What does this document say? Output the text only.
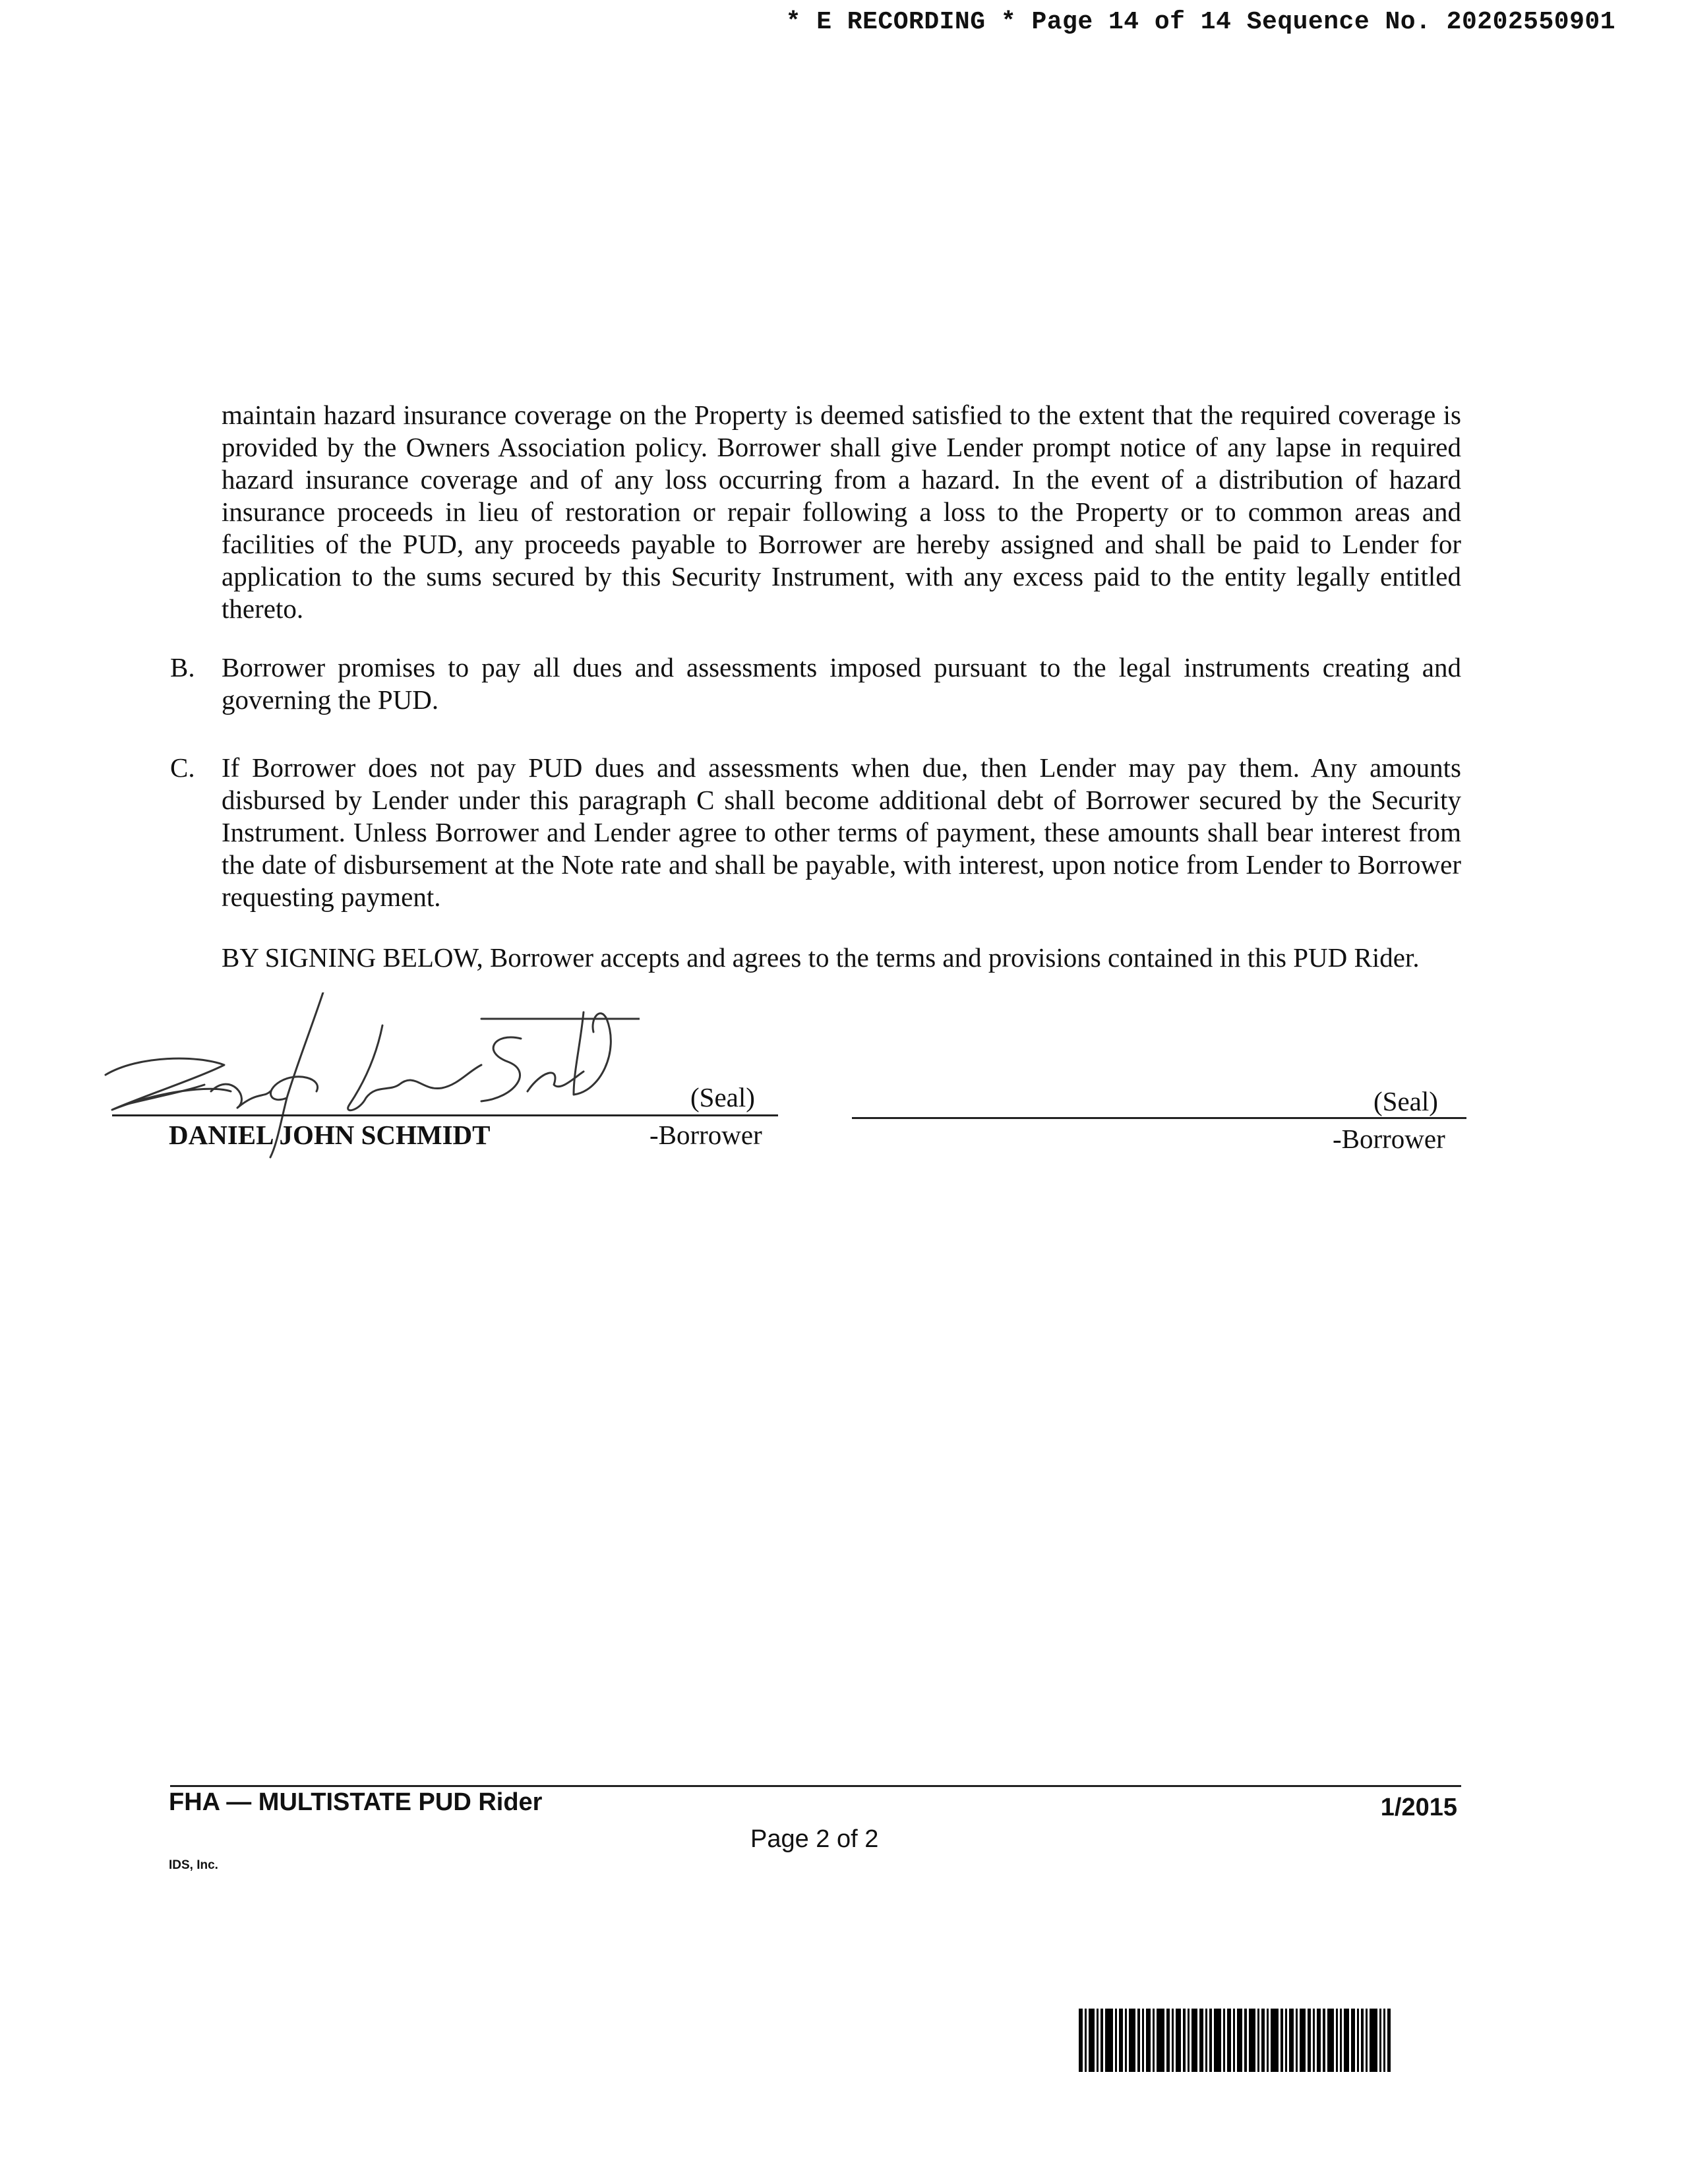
* E RECORDING * Page 14 of 14 Sequence No. 20202550901
maintain hazard insurance coverage on the Property is deemed satisfied to the extent that the required coverage is provided by the Owners Association policy. Borrower shall give Lender prompt notice of any lapse in required hazard insurance coverage and of any loss occurring from a hazard. In the event of a distribution of hazard insurance proceeds in lieu of restoration or repair following a loss to the Property or to common areas and facilities of the PUD, any proceeds payable to Borrower are hereby assigned and shall be paid to Lender for application to the sums secured by this Security Instrument, with any excess paid to the entity legally entitled thereto.
B. Borrower promises to pay all dues and assessments imposed pursuant to the legal instruments creating and governing the PUD.
C. If Borrower does not pay PUD dues and assessments when due, then Lender may pay them. Any amounts disbursed by Lender under this paragraph C shall become additional debt of Borrower secured by the Security Instrument. Unless Borrower and Lender agree to other terms of payment, these amounts shall bear interest from the date of disbursement at the Note rate and shall be payable, with interest, upon notice from Lender to Borrower requesting payment.
BY SIGNING BELOW, Borrower accepts and agrees to the terms and provisions contained in this PUD Rider.
(Seal)
DANIEL JOHN SCHMIDT	-Borrower
(Seal)
-Borrower
FHA — MULTISTATE PUD Rider	1/2015
Page 2 of 2
IDS, Inc.
